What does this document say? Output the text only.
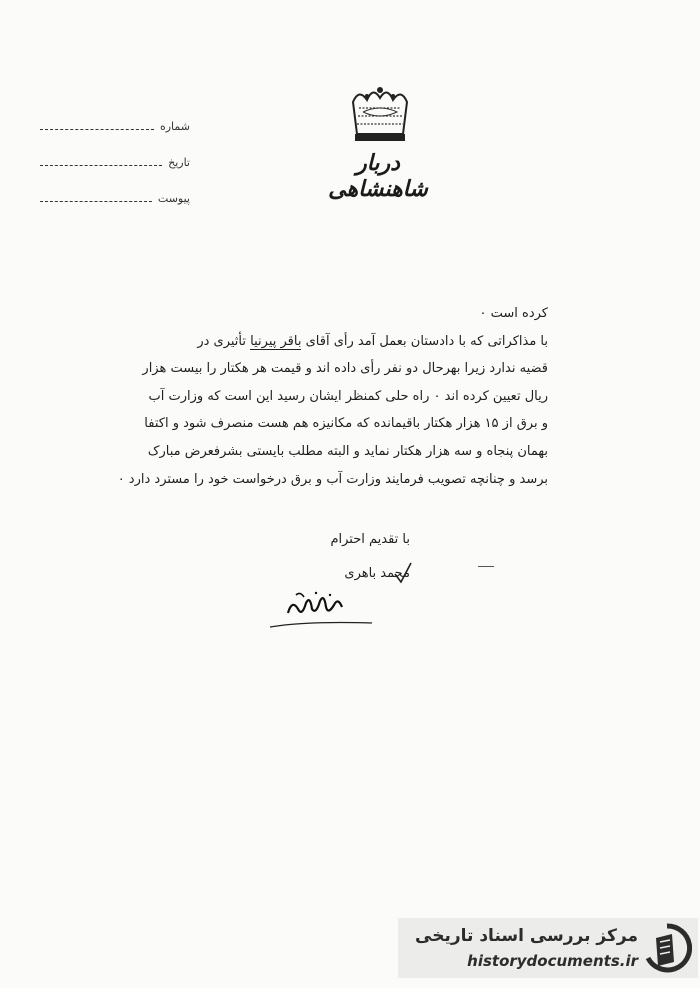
دربار شاهنشاهی
شماره
تاریخ
پیوست

کرده است ۰

با مذاکراتی که با دادستان بعمل آمد رأی آقای باقر پیرنیا تأثیری در

قضیه ندارد زیرا بهرحال دو نفر رأی داده اند و قیمت هر هکتار را بیست هزار

ریال تعیین کرده اند ۰ راه حلی کمنظر ایشان رسید این است که وزارت آب

و برق از ۱۵ هزار هکتار باقیمانده که مکانیزه هم هست منصرف شود و اکتفا

بهمان پنجاه و سه هزار هکتار نماید و البته مطلب بایستی بشرفعرض مبارک

برسد و چنانچه تصویب فرمایند وزارت آب و برق درخواست خود را مسترد دارد ۰

با تقدیم احترام
محمد باهری
مرکز بررسی اسناد تاریخی
historydocuments.ir
